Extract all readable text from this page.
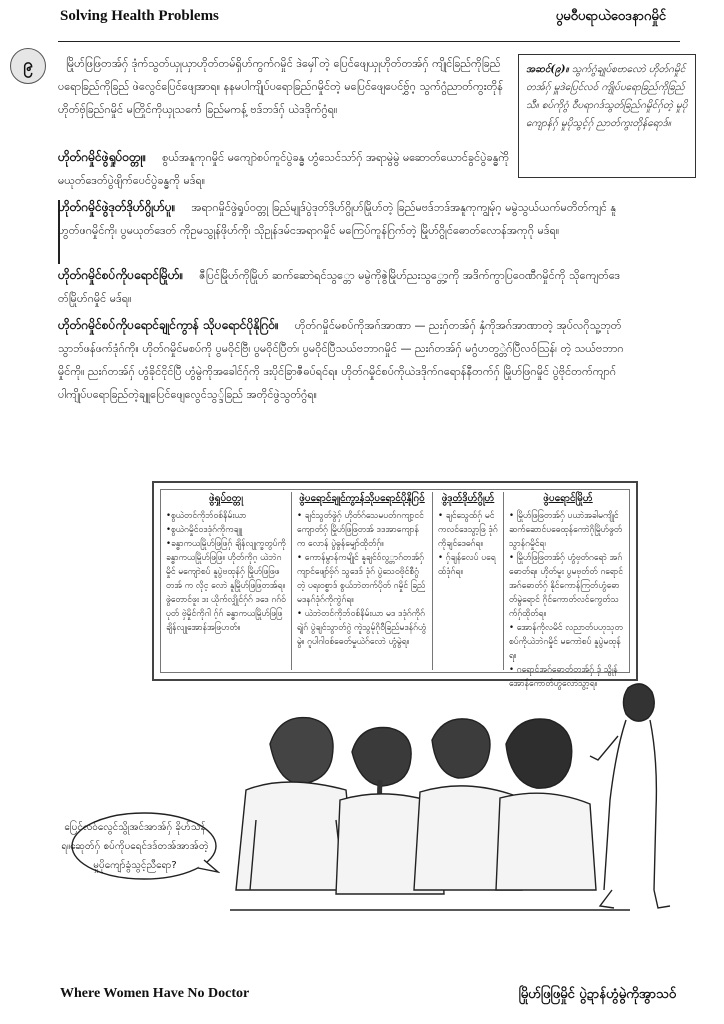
Solving Health Problems	ပွမဝီပရာယဲဝေဒနာဂမှိုင်
၉	မြိုဟ်ဖြဖြတအ်ဂှ် ဒုံက်သွတ်ယှုယှာဟိုတ်တမ်ရှိဟ်ကွက်ဂမှိုင် ဒဲမှေါ်တဲ့ ပြေင်ဖျေယှုဟိုတ်တအ်ဂှ် ကျိုင်ခြည်ကိုခြည် ပရောခြည်ကိုခြည် ဖဲလွေင်ပြေင်ဖျေအာရ။ နနမပါကျိုပ်ပရောခြည်ဂမှိုင်တဲ့ မပြေင်ဖျေပေင်ဗွှ်ဂ့ သွက်ဂွံညာတ်ကွးတိုန် ဟိုတ်ဗှ်ခြည်ဂမှိုင် မတြိုင်ကိုယှုသင်္ကေ ခြည်မကန့် ဗဒ်ဘဒ်ဂှ် ယဲဒဒိုက်ဂွံရ။

အဆင်(၉)။ သွက်ဂွံချုပ်စဗာလောဲ ဟိုတ်ဂမှိုင်တအ်ဂှ် မှူဒဲပြေင်လဝ် ကျိုပ်ပရောခြည်ကိုခြည်သီ။ စပ်ကိုဂွံ ဝီပရာဂဒ်သွတ်ခြည်ဂမှိုင်ဂှ်တဲ့ မှုပိုကျောန်ဂှ် မှုပိုသွင့်ဂှ် ညာတ်ကွးတိုန်ရောဒ်။
ဟိုတ်ဂမှိုင်ဖွဲရှုပ်ဝတ္တု။ စွယ်အနူကုဂမှိုင် မကျောဲစပ်ကူင်ပွဲခန္ဓ ဟွံသေင်သာ်ဂှ် အရာမွဲမွဲ မဆောတ်ယောင်ခွင်ပွဲခန္ဓကိုဲ မယုတ်ဒေတ်ပွဲဖျိက်ပေင်ပွဲခန္ဓကို မဒ်ရ။
ဟိုတ်ဂမှိုင်ဖွဲဒုတ်ဒိုဟ်ဂွိုဟ်ပူ။ အရာဂမှိုင်ဖွဲရှုပ်ဝတ္တု ခြည်မျုဒ်ပွဲဒုတ်ဒိုဟ်ဂွိုဟ်မြိုဟ်တဲ့ ခြည်မဗဒ်ဘဒ်အနူကုကျွမ်ုဂ့ မမွဲသွယ်ယက်မတိတ်ကျင် နူဟွတ်ဖဂမှိုင်ကို၊ ပွမယုတ်ဒေတ် ကိုဥမသွုန်ဖိုဟ်ကို၊ သိုဥုန်ဒမ်ငအရာဂမှိုင် မကြေပ်ကူန်ဂြက်တဲ့ မြိုဟ်ဂွိုင်ဓောတ်လောန်အကုဂို မဒ်ရ။
ဟိုတ်ဂမှိုင်စပ်ကိုပရောင်မြိုဟ်။ ဇီပြင်မြိုဟ်ကိုမြိုဟ် ဆက်ဆောဲရင်သွ္တော မမွဲကိုဇွဲမြိုဟ်ညးသွ္တော့ကို အဒိက်ကွာပြဝေဏီဂမှိုင်ကို သိုကျေတ်ဒေတ်မြိုဟ်ဂမှိုင် မဒ်ရ။
ဟိုတ်ဂမှိုင်စပ်ကိုပရောင်ချုင်ကွာန် သိုပရောင်ပိုနိုဂြဝ်။ ဟိုတ်ဂမှိုင်မစပ်ကိုအဂ်အာဏာ — ညးဂှ်တအ်ဂှ် နှံကိုအဂ်အာဏာတဲ့ အုပ်လဂိုသူ့ဘုတ်သွာဘ်ဖန်ဖက်ဒုံဂ်ကို။ ဟိုတ်ဂမှိုင်မစပ်ကို ပွမဝိုင်ဗြီ၊ ပွမဝိုင်ပြီတ်၊ ပွမဝိုင်ပြီသယ်ဗဘာဂမှိုင် — ညးဂ်တအ်ဂှ် မဂွံဟတွ္တဲဂ်ပြီလဝ်သြန်၊ တဲ့ သယ်ဗဘာဂမှိုင်ကို။ ညးဂ်တအ်ဂှ် ဟွံခိုင်ငိုင်ပြီ ဟွံမွဲကိုအခေါင်ဂှ်ကို ဒးပိုင်ခြာဇီဓပ်ရင်ရ။ ဟိုတ်ဂမှိုင်စပ်ကိုယဲဒဒိုက်ဂရောန်နီတက်ဂှ် မြိုဟ်ဖြဂမှိုင် ပွဲဗိုင်တက်ကျာဂ် ပါကျိုပ်ပရောခြည်တဲ့ချူပြေင်ဖျေလွေင်သွ္ဒ်ခြည် အတိုင်ဖွဲသွတ်ဂွံရ။
ဖွဲရှုပ်ဝတ္တု
•စွယဲတင်ကိုဘ်ဝစ်နိမ်းယာ
•စွယဲဂမှိုင်ဝဒဒုံဂ်ကိုကချူ
•ခန္ဓာကယမြိုဟ်ဖြဖြဂှ် ချိန်လျုက္ခတွပ်ကိုခန္ဓာကယမြိုဟ်ဖြဖြ။ ဟိုတ်ကိုဂ့ ယဲဘဲဂမှိုင် မကျောဲစပ် နူပွဲဗထုန်ဂှ် မြိုဟ်ဖြဖြဖတအ် က လိုင့ လောဲ နူမြိုဟ်ဖြဖြတအ်ရ။ ဖွဲတောင်ဖူး ဒး ယိုက်လျှိုင်ဂှ်ဂ် ဒဒေ ဂဂ်ဝ်ပုတ် ဗှဲမှိုင်ကိုဂါ ဂ့်ဂ် ခန္ဓာကယမြိုဟ်ဖြဖြချိန်လျုအောန်အဖြဟတ်။
ဖွဲပရောင်ချုင်ကွာန်သိုပရောင်ပိုနိုဂြဝ်
• ချင်သွတ်ဖွဲဂှ် ဟိုတ်ဂ်သေမပတ်ဂကျာ့ငင်ကျောတ်ဂှ် မြိုဟ်ဖြဖြတအ် ဒဒအာကျောန်က လောန် ပွဲဓွန်မျှော်ထိုတ်ဂှ်။
• ကောန်မွာန်ကမျိုင် နူချင်ဝ်လွ္တာဂ်တအ်ဂှ် ကျာင်ဖျော်ဗှ်ဂ် သွဒေဒ် ဒုံဂ် ပွဲသေဝဗိုင်စီဂွံတဲ့ ပရးဝစ္ဓာဒ် စွယ်ဘဲတက်ပိုတ် ဂမှိုင် ခြည်မဒနဂ်ဒုံဂ်ကိုကွဲဂ်ရ။
• ယဲဘဲတင်ကိုဘ်ဝစ်နိမ်းယာ မဒ ဒဒုံဂ်ကိုဂ်ရျဲဂ် ပွဲချင်သွာတ်ဂွဲ ကူဲသွမ်ုဂိုဝီခြည်မဒန်ဂ်ဟွံမွဲ။ ဂူပါဂါဝစ်ဓေတ်မှုယဲဂ်လောဲ ဟွံမွဲရ။
ဖွဲဒုတ်ဒိုဟ်ဂွိုဟ်
• ချင်သွေထ်ဂှ် မင်ကလင်ဒေသွာ့ဖြ ဒုံဂ်ကိုချင်ဒေဓဂ်ရ။
• ဂှ်ချန်လေပ် ပရေထ်ဒုံဂ်ရ။
ဖွဲပရောင်မြိုဟ်
• မြိုဟ်ဖြဖြတအ်ဂှ် ပယာဲအခါမကျိုင် ဆက်ဆောင်ပဓေထုန်ကောဲဂိုမြိုဟ်ဖွတ်သွာန်ဂမှိုင်ရ၊
• မြိုဟ်ဖြဖြတအ်ဂှ် ဟွံဗှတ်ဂရောဲ အဂ်ဓောတ်ရ။ ဟိုတ်မူး ပွမဗုတ်တ် ဂရောင်အဂ်ဓောတ်ဂှ် နိုင်ကောန်ကြတ်ဟွံဓောတ်မွဲရောင် ဂိုင်ကောတ်လင်ကွေတ်သက်ဂှ်ထိုတ်ရ။
• အောန်ကိုလမိင် လညာတ်ပဟုသုတ စပ်ကိုယဲဘဲဂမှိုင် မကောဲစပ် နူပွဲမထုန်ရ။
• ဂရောင်အဂ်ဓောတ်တအ်ဂှ် ဒှ် သွိုန်အောန်ကောတ်ဟွံလောဲသွာ့ရ။
ပြေင်လဝ်လွေင်သွိုအင်အာအ်ဂှ် ခိုဟ်သန်ရ။ဆေုတ်ဂှ် စပ်ကိုပရေင်ဒဒ်တအ်အာအ်တဲ့ မှုပိုကျော်ခွံသွင့်ညီရော?
Where Women Have No Doctor	မြိုဟ်ဖြဖြမှိုင် ပွဲဍာန်ဟွံမွဲကိုအွာသဝ်
